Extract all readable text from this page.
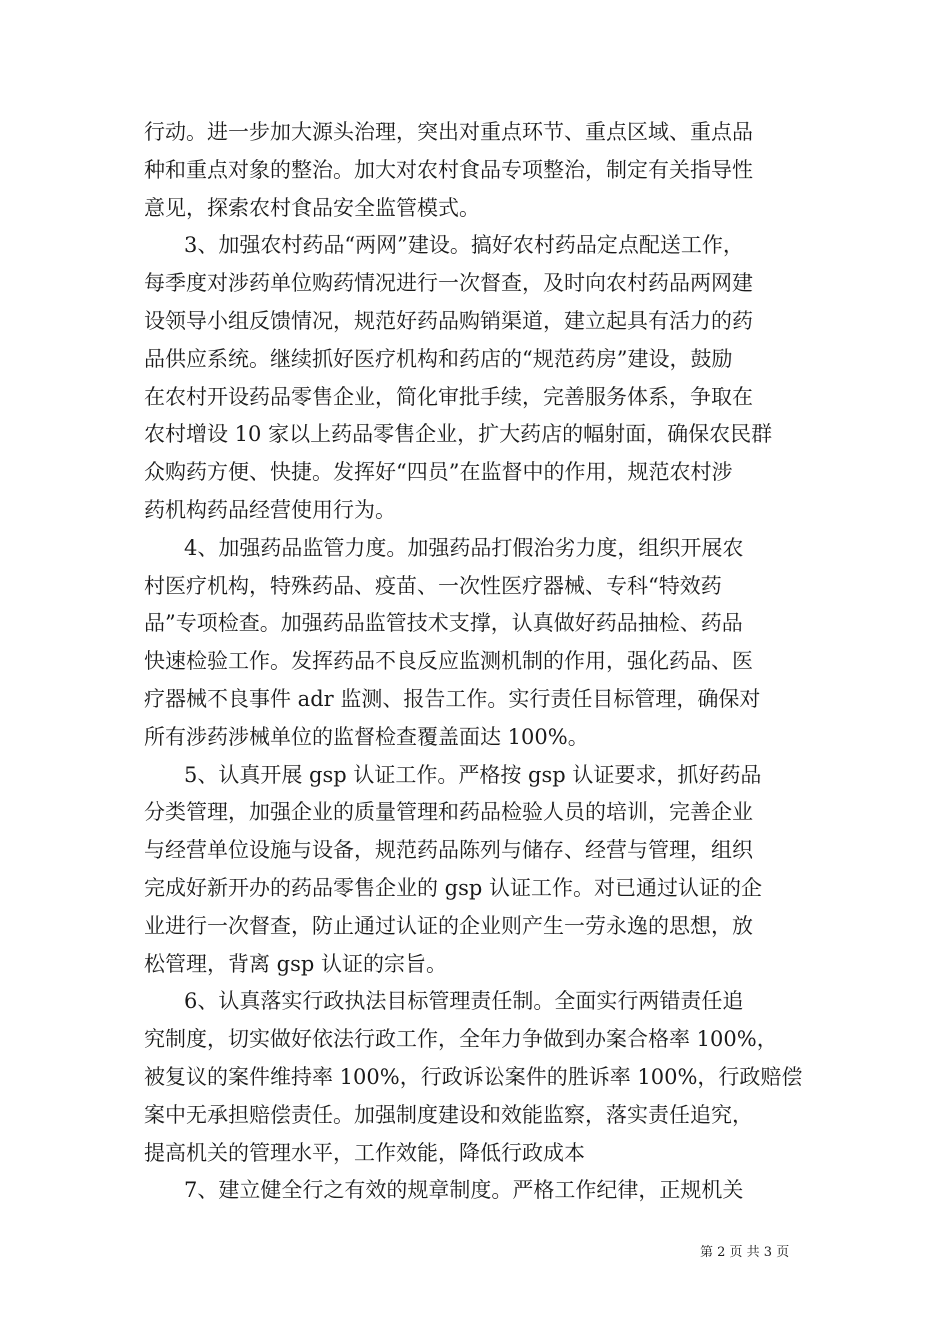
行动。进一步加大源头治理，突出对重点环节、重点区域、重点品
种和重点对象的整治。加大对农村食品专项整治，制定有关指导性
意见，探索农村食品安全监管模式。
3、加强农村药品“两网”建设。搞好农村药品定点配送工作，
每季度对涉药单位购药情况进行一次督查，及时向农村药品两网建
设领导小组反馈情况，规范好药品购销渠道，建立起具有活力的药
品供应系统。继续抓好医疗机构和药店的“规范药房”建设，鼓励
在农村开设药品零售企业，简化审批手续，完善服务体系，争取在
农村增设 10 家以上药品零售企业，扩大药店的幅射面，确保农民群
众购药方便、快捷。发挥好“四员”在监督中的作用，规范农村涉
药机构药品经营使用行为。
4、加强药品监管力度。加强药品打假治劣力度，组织开展农
村医疗机构，特殊药品、疫苗、一次性医疗器械、专科“特效药
品”专项检查。加强药品监管技术支撑，认真做好药品抽检、药品
快速检验工作。发挥药品不良反应监测机制的作用，强化药品、医
疗器械不良事件 adr 监测、报告工作。实行责任目标管理，确保对
所有涉药涉械单位的监督检查覆盖面达 100%。
5、认真开展 gsp 认证工作。严格按 gsp 认证要求，抓好药品
分类管理，加强企业的质量管理和药品检验人员的培训，完善企业
与经营单位设施与设备，规范药品陈列与储存、经营与管理，组织
完成好新开办的药品零售企业的 gsp 认证工作。对已通过认证的企
业进行一次督查，防止通过认证的企业则产生一劳永逸的思想，放
松管理，背离 gsp 认证的宗旨。
6、认真落实行政执法目标管理责任制。全面实行两错责任追
究制度，切实做好依法行政工作，全年力争做到办案合格率 100%，
被复议的案件维持率 100%，行政诉讼案件的胜诉率 100%，行政赔偿
案中无承担赔偿责任。加强制度建设和效能监察，落实责任追究，
提高机关的管理水平，工作效能，降低行政成本
7、建立健全行之有效的规章制度。严格工作纪律，正规机关
第 2 页 共 3 页
